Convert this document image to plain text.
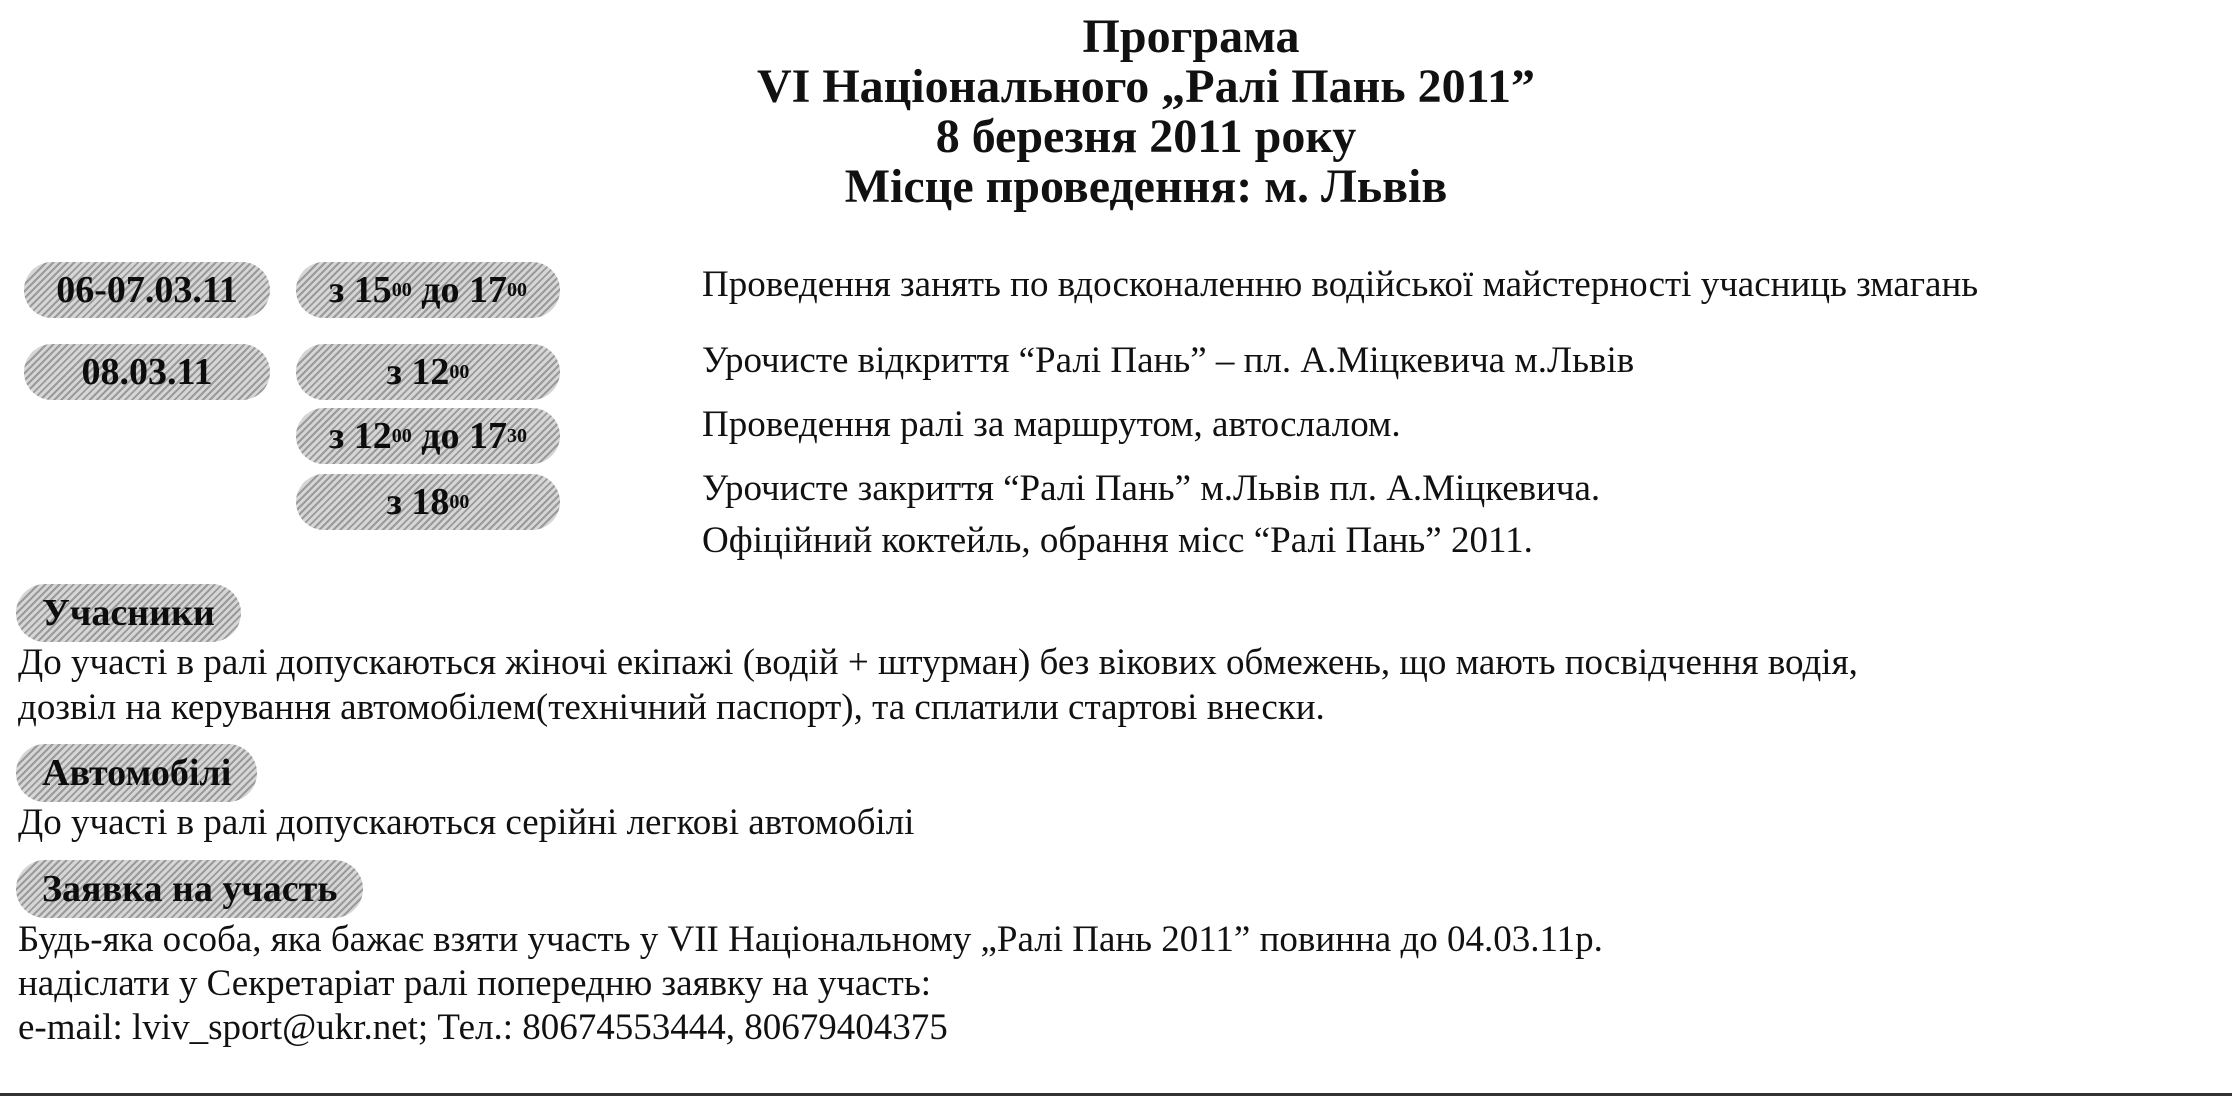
Програма
VI Національного „Ралі Пань 2011”
8 березня 2011 року
Місце проведення: м. Львів
06-07.03.11
08.03.11
з 15 00 до 17 00
з 12 00
з 12 00 до 17 30
з 18 00
Проведення занять по вдосконаленню водійської майстерності учасниць змагань
Урочисте відкриття “Ралі Пань” – пл. А.Міцкевича м.Львів
Проведення ралі за маршрутом, автослалом.
Урочисте закриття “Ралі Пань” м.Львів пл. А.Міцкевича.
Офіційний коктейль, обрання місс “Ралі Пань” 2011.
Учасники
До участі в ралі допускаються жіночі екіпажі (водій + штурман) без вікових обмежень, що мають посвідчення водія,
дозвіл на керування автомобілем(технічний паспорт), та сплатили стартові внески.
Автомобілі
До участі в ралі допускаються серійні легкові автомобілі
Заявка на участь
Будь-яка особа, яка бажає взяти участь у VII Національному „Ралі Пань 2011” повинна до 04.03.11р.
надіслати у Секретаріат ралі попередню заявку на участь:
e-mail: lviv_sport@ukr.net; Тел.: 80674553444, 80679404375
